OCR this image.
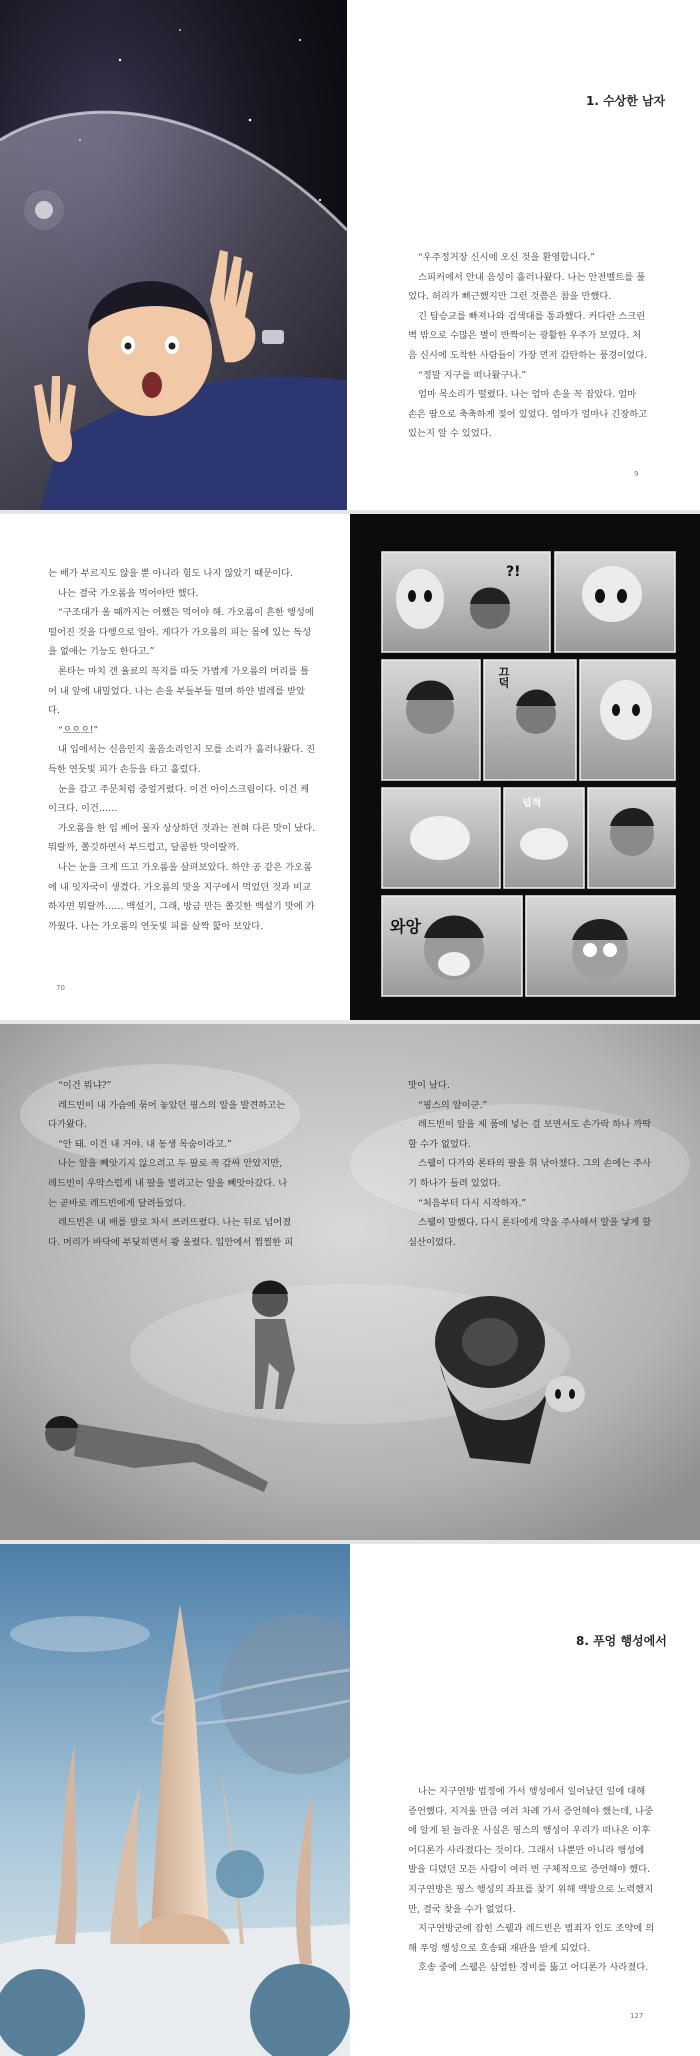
1. 수상한 남자

“우주정거장 신시에 오신 것을 환영합니다.”

스피커에서 안내 음성이 흘러나왔다. 나는 안전벨트를 풀었다. 허리가 뻐근했지만 그런 것쯤은 참을 만했다.

긴 탑승교를 빠져나와 검색대를 통과했다. 커다란 스크린 벽 밖으로 수많은 별이 반짝이는 광활한 우주가 보였다. 처음 신시에 도착한 사람들이 가장 먼저 감탄하는 풍경이었다.

“정말 지구를 떠나왔구나.”

엄마 목소리가 떨렸다. 나는 엄마 손을 꼭 잡았다. 엄마 손은 땀으로 축축하게 젖어 있었다. 엄마가 얼마나 긴장하고 있는지 알 수 있었다.

9

는 배가 부르지도 않을 뿐 아니라 힘도 나지 않았기 때문이다.

나는 결국 가오롬을 먹어야만 했다.

“구조대가 올 때까지는 어쨌든 먹어야 해. 가오롬이 흔한 행성에 떨어진 것을 다행으로 알아. 게다가 가오롬의 피는 몸에 있는 독성을 없애는 기능도 한다고.”

론타는 마치 갠 율료의 꼭지를 따듯 가볍게 가오롬의 머리를 틀어 내 앞에 내밀었다. 나는 손을 부들부들 떨며 하얀 벌레를 받았다.

“으으으!”

내 입에서는 신음인지 울음소리인지 모를 소리가 흘러나왔다. 진득한 연둣빛 피가 손등을 타고 흘렀다.

눈을 감고 주문처럼 중얼거렸다. 이건 아이스크림이다. 이건 케이크다. 이건……

가오롬을 한 입 베어 물자 상상하던 것과는 전혀 다른 맛이 났다. 뭐랄까, 쫄깃하면서 부드럽고, 달콤한 맛이랄까.

나는 눈을 크게 뜨고 가오롬을 살펴보았다. 하얀 공 같은 가오롬에 내 잇자국이 생겼다. 가오롬의 맛을 지구에서 먹었던 것과 비교하자면 뭐랄까…… 백설기, 그래, 방금 만든 쫄깃한 백설기 맛에 가까웠다. 나는 가오롬의 연둣빛 피를 살짝 핥아 보았다.

70
?!
끄덕
넙적
와앙

“이건 뭐냐?”

레드빈이 내 가슴에 묶어 놓았던 핑스의 알을 발견하고는 다가왔다.

“안 돼. 이건 내 거야. 내 동생 목숨이라고.”

나는 알을 빼앗기지 않으려고 두 팔로 꼭 감싸 안았지만, 레드빈이 우악스럽게 내 팔을 벌리고는 알을 빼앗아갔다. 나는 곧바로 레드빈에게 달려들었다.

레드빈은 내 배를 발로 차서 쓰러뜨렸다. 나는 뒤로 넘어졌다. 머리가 바닥에 부딪히면서 쾅 울렸다. 입안에서 찝찔한 피

맛이 났다.

“핑스의 알이군.”

레드빈이 알을 제 품에 넣는 걸 보면서도 손가락 하나 까딱할 수가 없었다.

스웰이 다가와 론타의 팔을 휘 낚아챘다. 그의 손에는 주사기 하나가 들려 있었다.

“처음부터 다시 시작하자.”

스웰이 말했다. 다시 론타에게 약을 주사해서 알을 낳게 할 심산이었다.

8. 푸엉 행성에서

나는 지구연방 법정에 가서 행성에서 일어났던 일에 대해 증언했다. 지겨울 만큼 여러 차례 가서 증언해야 했는데, 나중에 알게 된 놀라운 사실은 핑스의 행성이 우리가 떠나온 이후 어디론가 사라졌다는 것이다. 그래서 나뿐만 아니라 행성에 발을 디뎠던 모든 사람이 여러 번 구체적으로 증언해야 했다. 지구연방은 핑스 행성의 좌표를 찾기 위해 백방으로 노력했지만, 결국 찾을 수가 없었다.

지구연방군에 잡힌 스웰과 레드빈은 범죄자 인도 조약에 의해 푸엉 행성으로 호송돼 재판을 받게 되었다.

호송 중에 스웰은 삼엄한 경비를 뚫고 어디론가 사라졌다.

127
